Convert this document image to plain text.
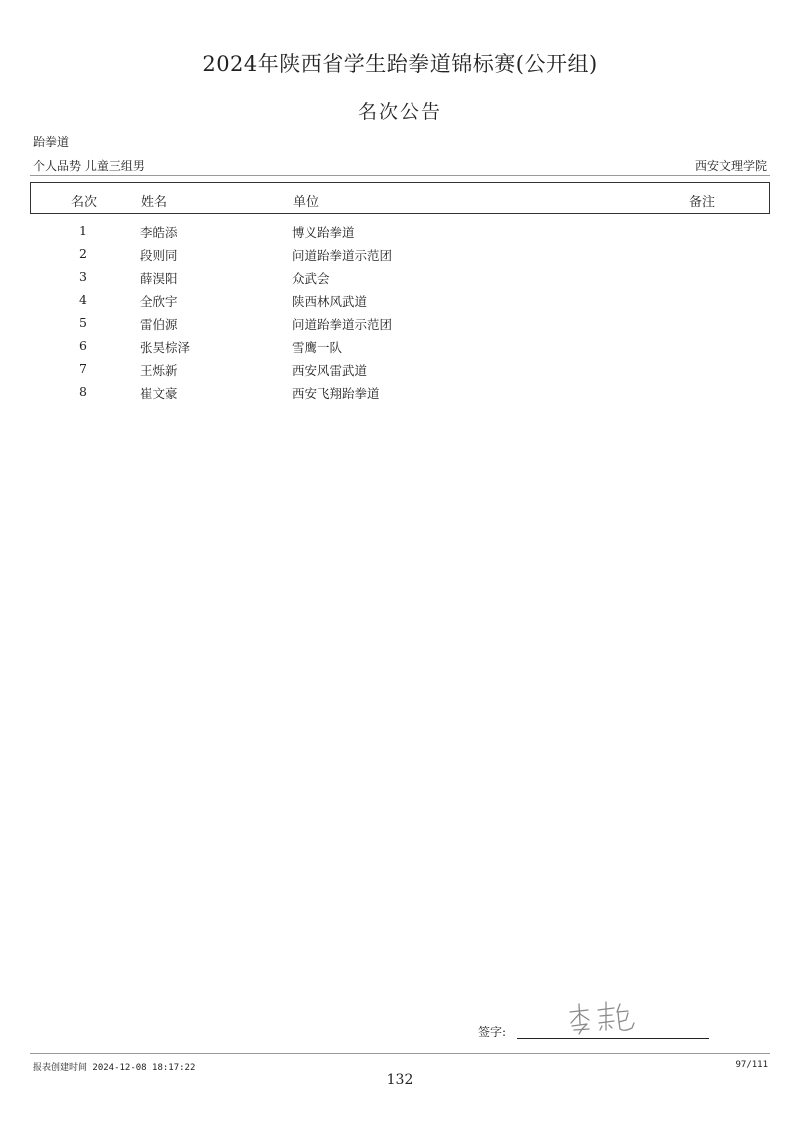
2024年陕西省学生跆拳道锦标赛(公开组)
名次公告
跆拳道
个人品势 儿童三组男	西安文理学院
名次	姓名	单位	备注
1	李皓添	博义跆拳道
2	段则同	问道跆拳道示范团
3	薛淏阳	众武会
4	全欣宇	陕西林风武道
5	雷伯源	问道跆拳道示范团
6	张昊棕泽	雪鹰一队
7	王烁新	西安风雷武道
8	崔文豪	西安飞翔跆拳道
签字:
报表创建时间 2024-12-08 18:17:22	97/111
132
